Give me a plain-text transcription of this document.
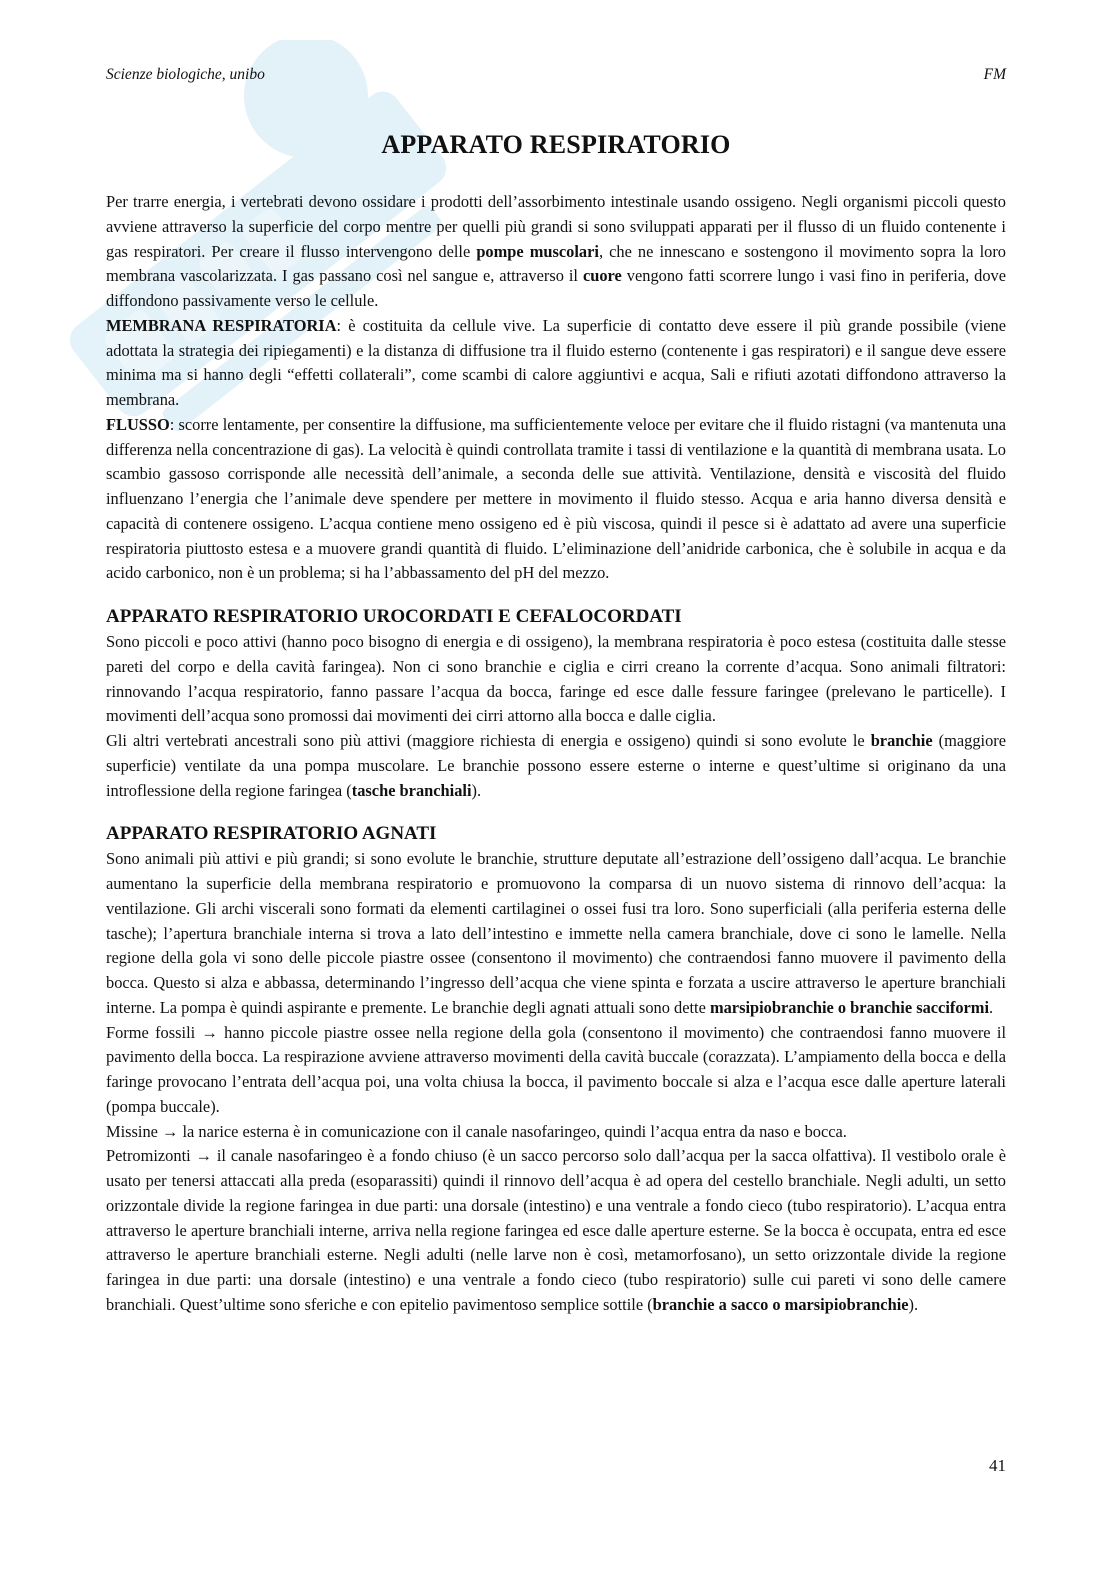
Scienze biologiche, unibo	FM
APPARATO RESPIRATORIO

Per trarre energia, i vertebrati devono ossidare i prodotti dell’assorbimento intestinale usando ossigeno. Negli organismi piccoli questo avviene attraverso la superficie del corpo mentre per quelli più grandi si sono sviluppati apparati per il flusso di un fluido contenente i gas respiratori. Per creare il flusso intervengono delle pompe muscolari, che ne innescano e sostengono il movimento sopra la loro membrana vascolarizzata. I gas passano così nel sangue e, attraverso il cuore vengono fatti scorrere lungo i vasi fino in periferia, dove diffondono passivamente verso le cellule.

MEMBRANA RESPIRATORIA: è costituita da cellule vive. La superficie di contatto deve essere il più grande possibile (viene adottata la strategia dei ripiegamenti) e la distanza di diffusione tra il fluido esterno (contenente i gas respiratori) e il sangue deve essere minima ma si hanno degli “effetti collaterali”, come scambi di calore aggiuntivi e acqua, Sali e rifiuti azotati diffondono attraverso la membrana.

FLUSSO: scorre lentamente, per consentire la diffusione, ma sufficientemente veloce per evitare che il fluido ristagni (va mantenuta una differenza nella concentrazione di gas). La velocità è quindi controllata tramite i tassi di ventilazione e la quantità di membrana usata. Lo scambio gassoso corrisponde alle necessità dell’animale, a seconda delle sue attività. Ventilazione, densità e viscosità del fluido influenzano l’energia che l’animale deve spendere per mettere in movimento il fluido stesso. Acqua e aria hanno diversa densità e capacità di contenere ossigeno. L’acqua contiene meno ossigeno ed è più viscosa, quindi il pesce si è adattato ad avere una superficie respiratoria piuttosto estesa e a muovere grandi quantità di fluido. L’eliminazione dell’anidride carbonica, che è solubile in acqua e da acido carbonico, non è un problema; si ha l’abbassamento del pH del mezzo.

APPARATO RESPIRATORIO UROCORDATI E CEFALOCORDATI

Sono piccoli e poco attivi (hanno poco bisogno di energia e di ossigeno), la membrana respiratoria è poco estesa (costituita dalle stesse pareti del corpo e della cavità faringea). Non ci sono branchie e ciglia e cirri creano la corrente d’acqua. Sono animali filtratori: rinnovando l’acqua respiratorio, fanno passare l’acqua da bocca, faringe ed esce dalle fessure faringee (prelevano le particelle). I movimenti dell’acqua sono promossi dai movimenti dei cirri attorno alla bocca e dalle ciglia.

Gli altri vertebrati ancestrali sono più attivi (maggiore richiesta di energia e ossigeno) quindi si sono evolute le branchie (maggiore superficie) ventilate da una pompa muscolare. Le branchie possono essere esterne o interne e quest’ultime si originano da una introflessione della regione faringea (tasche branchiali).

APPARATO RESPIRATORIO AGNATI

Sono animali più attivi e più grandi; si sono evolute le branchie, strutture deputate all’estrazione dell’ossigeno dall’acqua. Le branchie aumentano la superficie della membrana respiratorio e promuovono la comparsa di un nuovo sistema di rinnovo dell’acqua: la ventilazione. Gli archi viscerali sono formati da elementi cartilaginei o ossei fusi tra loro. Sono superficiali (alla periferia esterna delle tasche); l’apertura branchiale interna si trova a lato dell’intestino e immette nella camera branchiale, dove ci sono le lamelle. Nella regione della gola vi sono delle piccole piastre ossee (consentono il movimento) che contraendosi fanno muovere il pavimento della bocca. Questo si alza e abbassa, determinando l’ingresso dell’acqua che viene spinta e forzata a uscire attraverso le aperture branchiali interne. La pompa è quindi aspirante e premente. Le branchie degli agnati attuali sono dette marsipiobranchie o branchie sacciformi.

Forme fossili → hanno piccole piastre ossee nella regione della gola (consentono il movimento) che contraendosi fanno muovere il pavimento della bocca. La respirazione avviene attraverso movimenti della cavità buccale (corazzata). L’ampiamento della bocca e della faringe provocano l’entrata dell’acqua poi, una volta chiusa la bocca, il pavimento boccale si alza e l’acqua esce dalle aperture laterali (pompa buccale).

Missine → la narice esterna è in comunicazione con il canale nasofaringeo, quindi l’acqua entra da naso e bocca.

Petromizonti → il canale nasofaringeo è a fondo chiuso (è un sacco percorso solo dall’acqua per la sacca olfattiva). Il vestibolo orale è usato per tenersi attaccati alla preda (esoparassiti) quindi il rinnovo dell’acqua è ad opera del cestello branchiale. Negli adulti, un setto orizzontale divide la regione faringea in due parti: una dorsale (intestino) e una ventrale a fondo cieco (tubo respiratorio). L’acqua entra attraverso le aperture branchiali interne, arriva nella regione faringea ed esce dalle aperture esterne. Se la bocca è occupata, entra ed esce attraverso le aperture branchiali esterne. Negli adulti (nelle larve non è così, metamorfosano), un setto orizzontale divide la regione faringea in due parti: una dorsale (intestino) e una ventrale a fondo cieco (tubo respiratorio) sulle cui pareti vi sono delle camere branchiali. Quest’ultime sono sferiche e con epitelio pavimentoso semplice sottile (branchie a sacco o marsipiobranchie).

41
